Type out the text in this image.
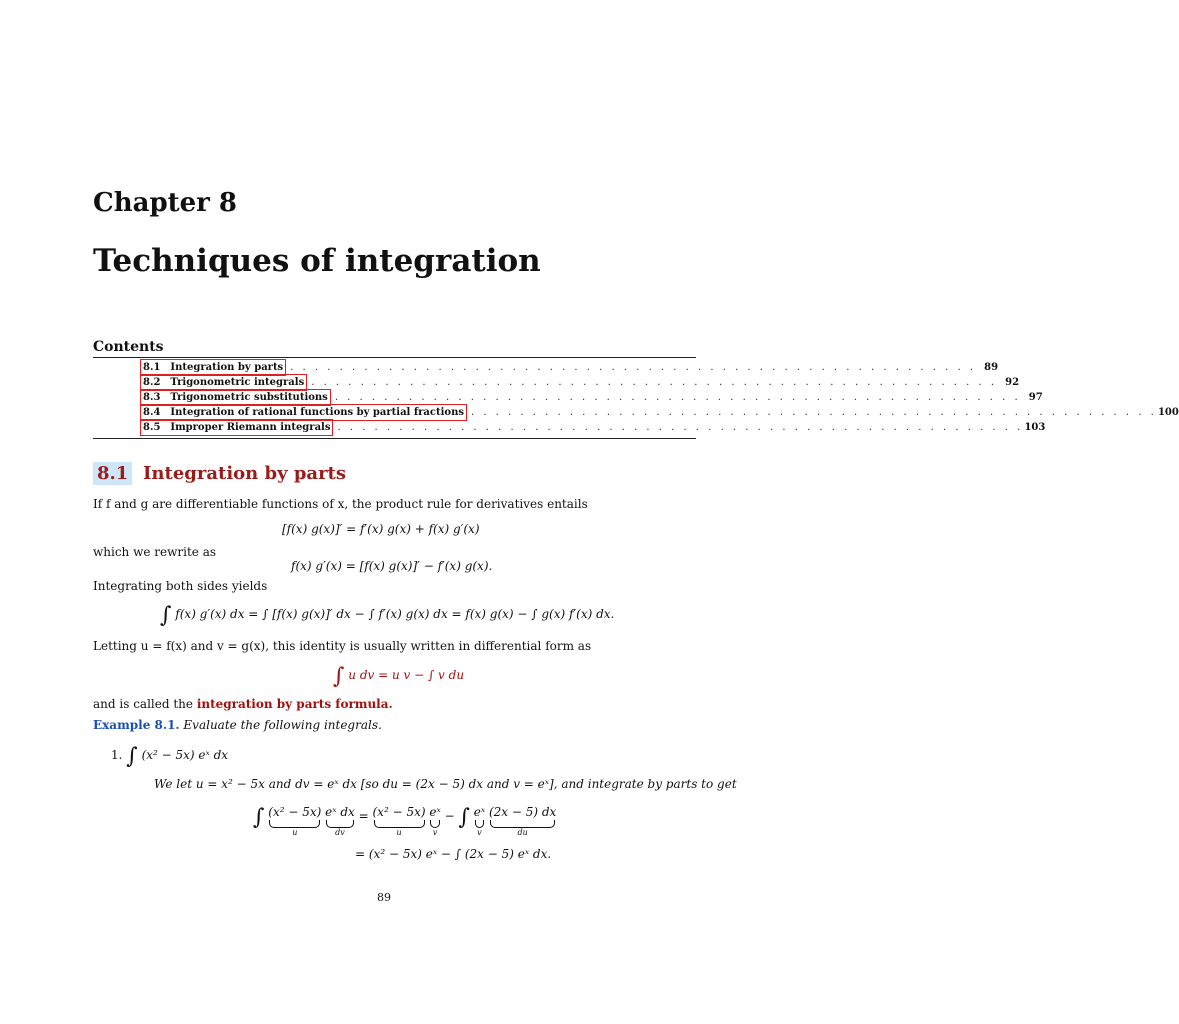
Chapter 8
Techniques of integration
Contents
8.1 Integration by parts . . . . . . . . . . . . . . . . . . . . . . . . . . . . . . . . . . . . . . . . . . . . . . . . . . . . . . . . 89
8.2 Trigonometric integrals . . . . . . . . . . . . . . . . . . . . . . . . . . . . . . . . . . . . . . . . . . . . . . . . . . . . . . . . 92
8.3 Trigonometric substitutions . . . . . . . . . . . . . . . . . . . . . . . . . . . . . . . . . . . . . . . . . . . . . . . . . . . . . . . . 97
8.4 Integration of rational functions by partial fractions . . . . . . . . . . . . . . . . . . . . . . . . . . . . . . . . . . . . . . . . . . . . . . . . . . . . . . . . 100
8.5 Improper Riemann integrals . . . . . . . . . . . . . . . . . . . . . . . . . . . . . . . . . . . . . . . . . . . . . . . . . . . . . . . . 103
8.1 Integration by parts
If f and g are differentiable functions of x, the product rule for derivatives entails
[f(x) g(x)]′ = f′(x) g(x) + f(x) g′(x)
which we rewrite as
f(x) g′(x) = [f(x) g(x)]′ − f′(x) g(x).
Integrating both sides yields
∫ f(x) g′(x) dx = ∫ [f(x) g(x)]′ dx − ∫ f′(x) g(x) dx = f(x) g(x) − ∫ g(x) f′(x) dx.
Letting u = f(x) and v = g(x), this identity is usually written in differential form as
∫ u dv = u v − ∫ v du
and is called the integration by parts formula.
Example 8.1. Evaluate the following integrals.
1. ∫ (x² − 5x) eˣ dx
We let u = x² − 5x and dv = eˣ dx [so du = (2x − 5) dx and v = eˣ], and integrate by parts to get
∫ (x² − 5x)
u
eˣ dx
dv
= (x² − 5x)
u
eˣ
v
− ∫ eˣ
v
(2x − 5) dx
du
= (x² − 5x) eˣ − ∫ (2x − 5) eˣ dx.
89
